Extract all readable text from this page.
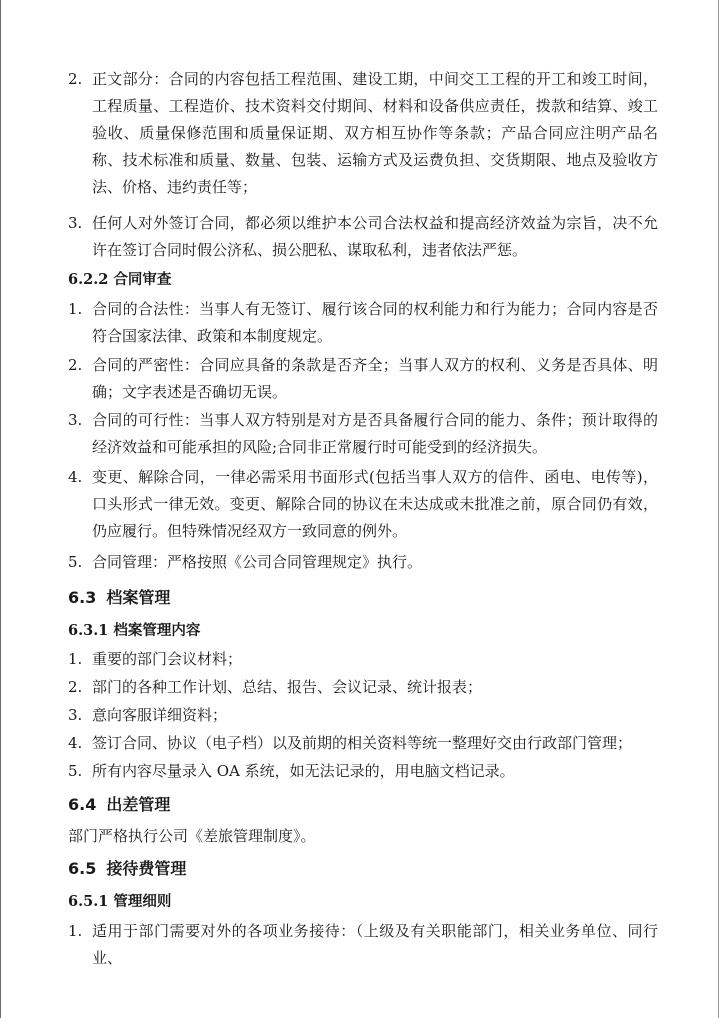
2. 正文部分：合同的内容包括工程范围、建设工期，中间交工工程的开工和竣工时间，工程质量、工程造价、技术资料交付期间、材料和设备供应责任，拨款和结算、竣工验收、质量保修范围和质量保证期、双方相互协作等条款；产品合同应注明产品名称、技术标准和质量、数量、包装、运输方式及运费负担、交货期限、地点及验收方法、价格、违约责任等；
3. 任何人对外签订合同，都必须以维护本公司合法权益和提高经济效益为宗旨，决不允许在签订合同时假公济私、损公肥私、谋取私利，违者依法严惩。
6.2.2 合同审查
1. 合同的合法性：当事人有无签订、履行该合同的权利能力和行为能力；合同内容是否符合国家法律、政策和本制度规定。
2. 合同的严密性：合同应具备的条款是否齐全；当事人双方的权利、义务是否具体、明确；文字表述是否确切无误。
3. 合同的可行性：当事人双方特别是对方是否具备履行合同的能力、条件；预计取得的经济效益和可能承担的风险;合同非正常履行时可能受到的经济损失。
4. 变更、解除合同，一律必需采用书面形式(包括当事人双方的信件、函电、电传等)，口头形式一律无效。变更、解除合同的协议在未达成或未批准之前，原合同仍有效，仍应履行。但特殊情况经双方一致同意的例外。
5. 合同管理：严格按照《公司合同管理规定》执行。
6.3 档案管理
6.3.1 档案管理内容
1. 重要的部门会议材料；
2. 部门的各种工作计划、总结、报告、会议记录、统计报表；
3. 意向客服详细资料；
4. 签订合同、协议（电子档）以及前期的相关资料等统一整理好交由行政部门管理；
5. 所有内容尽量录入 OA 系统，如无法记录的，用电脑文档记录。
6.4 出差管理
部门严格执行公司《差旅管理制度》。
6.5 接待费管理
6.5.1 管理细则
1. 适用于部门需要对外的各项业务接待：（上级及有关职能部门，相关业务单位、同行业、
